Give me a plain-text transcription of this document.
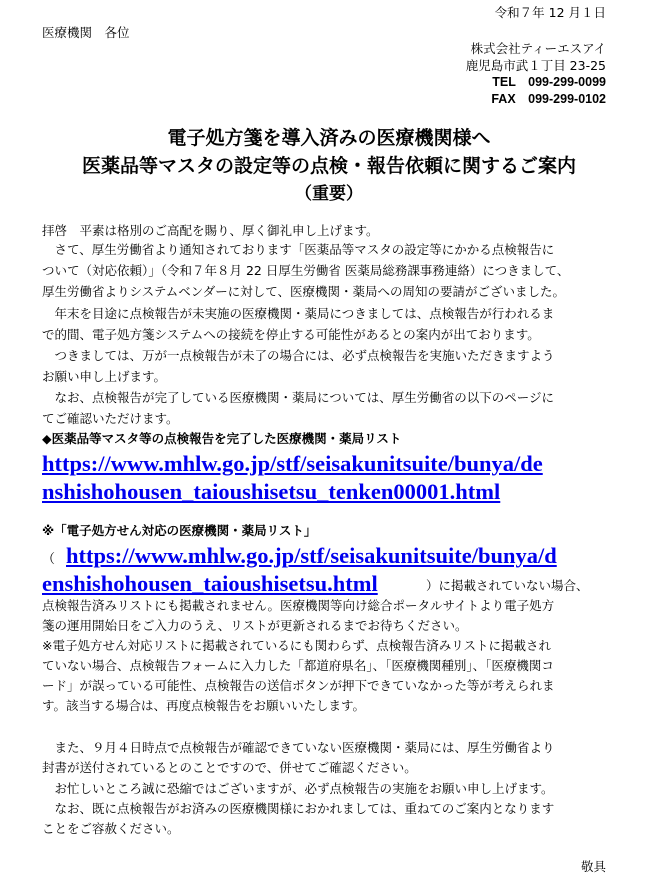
令和７年 12 月１日
医療機関　各位
株式会社ティーエスアイ
鹿児島市武１丁目 23-25
TEL　099-299-0099
FAX　099-299-0102
電子処方箋を導入済みの医療機関様へ
医薬品等マスタの設定等の点検・報告依頼に関するご案内
（重要）
拝啓　平素は格別のご高配を賜り、厚く御礼申し上げます。
　さて、厚生労働省より通知されております「医薬品等マスタの設定等にかかる点検報告に
ついて（対応依頼）」（令和７年８月 22 日厚生労働省 医薬局総務課事務連絡）につきまして、
厚生労働省よりシステムベンダーに対して、医療機関・薬局への周知の要請がございました。
　年末を目途に点検報告が未実施の医療機関・薬局につきましては、点検報告が行われるま
で的間、電子処方箋システムへの接続を停止する可能性があるとの案内が出ております。
　つきましては、万が一点検報告が未了の場合には、必ず点検報告を実施いただきますよう
お願い申し上げます。
　なお、点検報告が完了している医療機関・薬局については、厚生労働省の以下のページに
てご確認いただけます。
◆医薬品等マスタ等の点検報告を完了した医療機関・薬局リスト
https://www.mhlw.go.jp/stf/seisakunitsuite/bunya/de
nshishohousen_taioushisetsu_tenken00001.html
※「電子処方せん対応の医療機関・薬局リスト」
（ https://www.mhlw.go.jp/stf/seisakunitsuite/bunya/d
enshishohousen_taioushisetsu.html	）に掲載されていない場合、
点検報告済みリストにも掲載されません。医療機関等向け総合ポータルサイトより電子処方
箋の運用開始日をご入力のうえ、リストが更新されるまでお待ちください。
※電子処方せん対応リストに掲載されているにも関わらず、点検報告済みリストに掲載され
ていない場合、点検報告フォームに入力した「都道府県名」、「医療機関種別」、「医療機関コ
ード」が誤っている可能性、点検報告の送信ボタンが押下できていなかった等が考えられま
す。該当する場合は、再度点検報告をお願いいたします。
　また、９月４日時点で点検報告が確認できていない医療機関・薬局には、厚生労働省より
封書が送付されているとのことですので、併せてご確認ください。
　お忙しいところ誠に恐縮ではございますが、必ず点検報告の実施をお願い申し上げます。
　なお、既に点検報告がお済みの医療機関様におかれましては、重ねてのご案内となります
ことをご容赦ください。
敬具
